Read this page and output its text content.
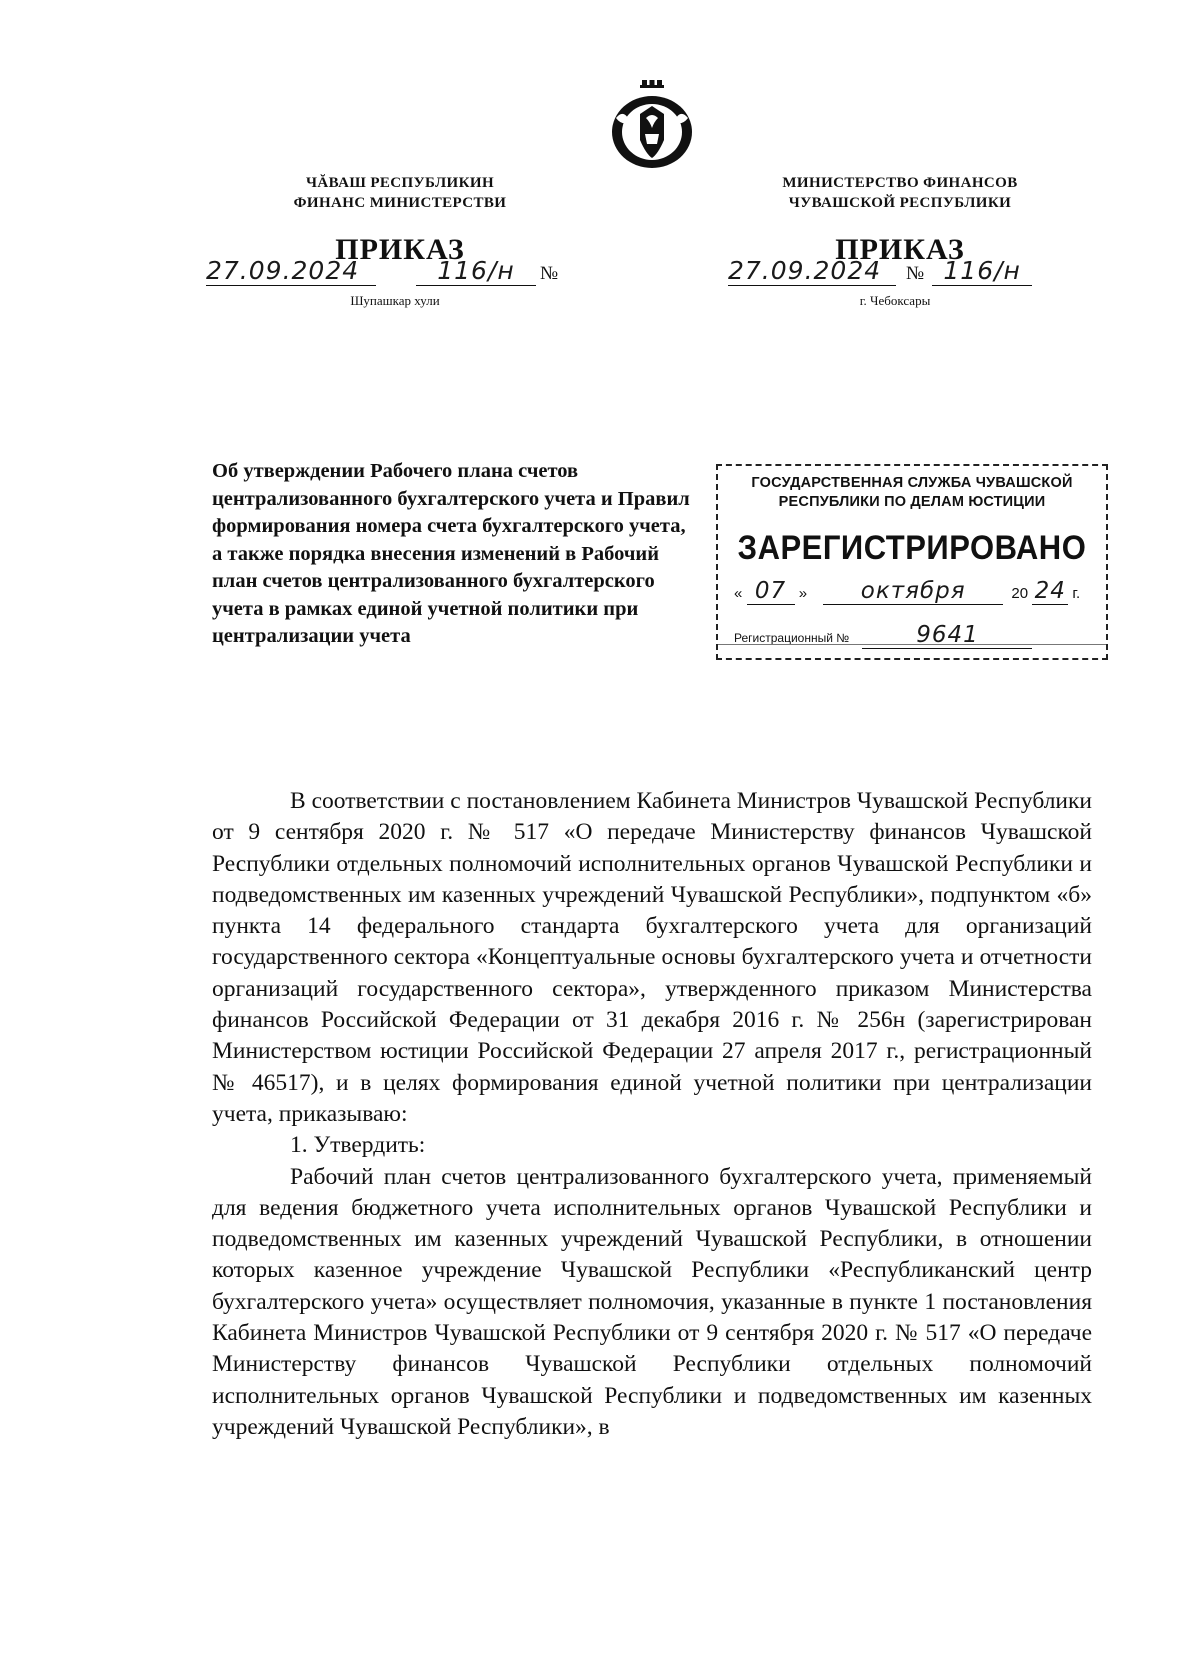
ЧĂВАШ РЕСПУБЛИКИН
ФИНАНС МИНИСТЕРСТВИ
ПРИКАЗ
27.09.2024	116/н №
Шупашкар хули
МИНИСТЕРСТВО ФИНАНСОВ
ЧУВАШСКОЙ РЕСПУБЛИКИ
ПРИКАЗ
27.09.2024 № 116/н
г. Чебоксары
Об утверждении Рабочего плана счетов централизованного бухгалтерского учета и Правил формирования номера счета бухгалтерского учета, а также порядка внесения изменений в Рабочий план счетов централизованного бухгалтерского учета в рамках единой учетной политики при централизации учета
ГОСУДАРСТВЕННАЯ СЛУЖБА ЧУВАШСКОЙ
РЕСПУБЛИКИ ПО ДЕЛАМ ЮСТИЦИИ
ЗАРЕГИСТРИРОВАНО
« 07 » октября	20 24 г.
Регистрационный №	9641

В соответствии с постановлением Кабинета Министров Чувашской Республики от 9 сентября 2020 г. № 517 «О передаче Министерству финансов Чувашской Республики отдельных полномочий исполнительных органов Чувашской Республики и подведомственных им казенных учреждений Чувашской Республики», подпунктом «б» пункта 14 федерального стандарта бухгалтерского учета для организаций государственного сектора «Концептуальные основы бухгалтерского учета и отчетности организаций государственного сектора», утвержденного приказом Министерства финансов Российской Федерации от 31 декабря 2016 г. № 256н (зарегистрирован Министерством юстиции Российской Федерации 27 апреля 2017 г., регистрационный № 46517), и в целях формирования единой учетной политики при централизации учета, приказываю:

1. Утвердить:

Рабочий план счетов централизованного бухгалтерского учета, применяемый для ведения бюджетного учета исполнительных органов Чувашской Республики и подведомственных им казенных учреждений Чувашской Республики, в отношении которых казенное учреждение Чувашской Республики «Республиканский центр бухгалтерского учета» осуществляет полномочия, указанные в пункте 1 постановления Кабинета Министров Чувашской Республики от 9 сентября 2020 г. № 517 «О передаче Министерству финансов Чувашской Республики отдельных полномочий исполнительных органов Чувашской Республики и подведомственных им казенных учреждений Чувашской Республики», в
